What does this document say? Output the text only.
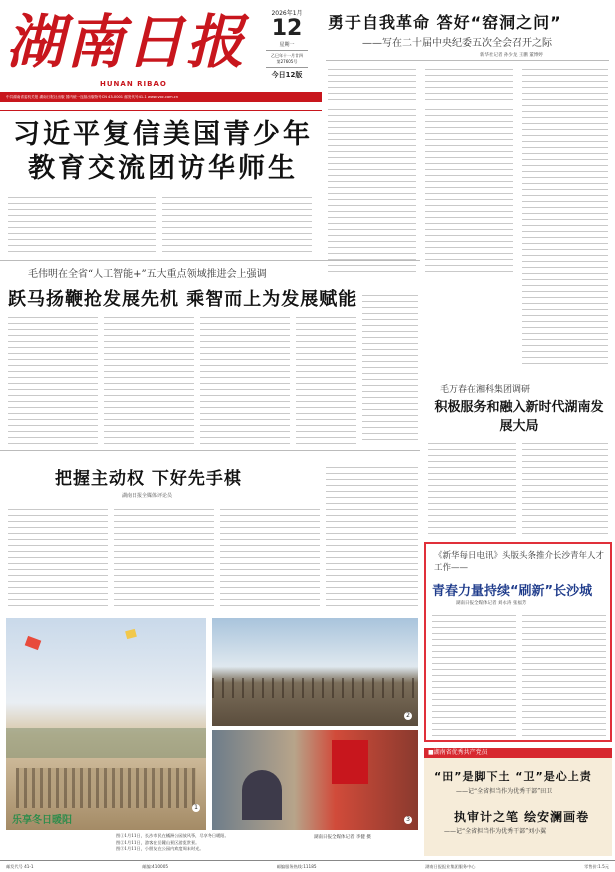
湖南日报
HUNAN RIBAO
2026年1月
12
星期一
乙巳年十一月廿四
第27605号
今日12版
中共湖南省委机关报 湖南日报社出版 国内统一连续出版物号CN 43-0001 邮发代号41-1 www.voc.com.cn
勇于自我革命 答好“窑洞之问”
——写在二十届中央纪委五次全会召开之际
新华社记者 孙少龙 王鹏 董博婷
习近平复信美国青少年教育交流团访华师生
毛伟明在全省“人工智能+”五大重点领域推进会上强调
跃马扬鞭抢发展先机 乘智而上为发展赋能
毛万春在湘科集团调研
积极服务和融入新时代湖南发展大局
把握主动权 下好先手棋
湖南日报全媒体评论员
《新华每日电讯》头版头条推介长沙青年人才工作——
青春力量持续“刷新”长沙城
湖南日报全媒体记者 刘永涛 张福芳
1
乐享冬日暖阳
2
3
图①1月11日，长沙市民在橘洲公园放风筝，尽享冬日暖阳。
图②1月11日，游客在岳麓山景区游览赏景。
图③1月11日，小朋友在公园内欢度周末时光。
湖南日报全媒体记者 李健 摄
■湖南省优秀共产党员
“田”是脚下土 “卫”是心上责
——记“全省担当作为优秀干部”田卫
执审计之笔 绘安澜画卷
——记“全省担当作为优秀干部”刘小翼
邮发代号 41-1	邮编:410005	邮编服务热线:11185	湖南日报报业集团服务中心	零售价:1.5元
